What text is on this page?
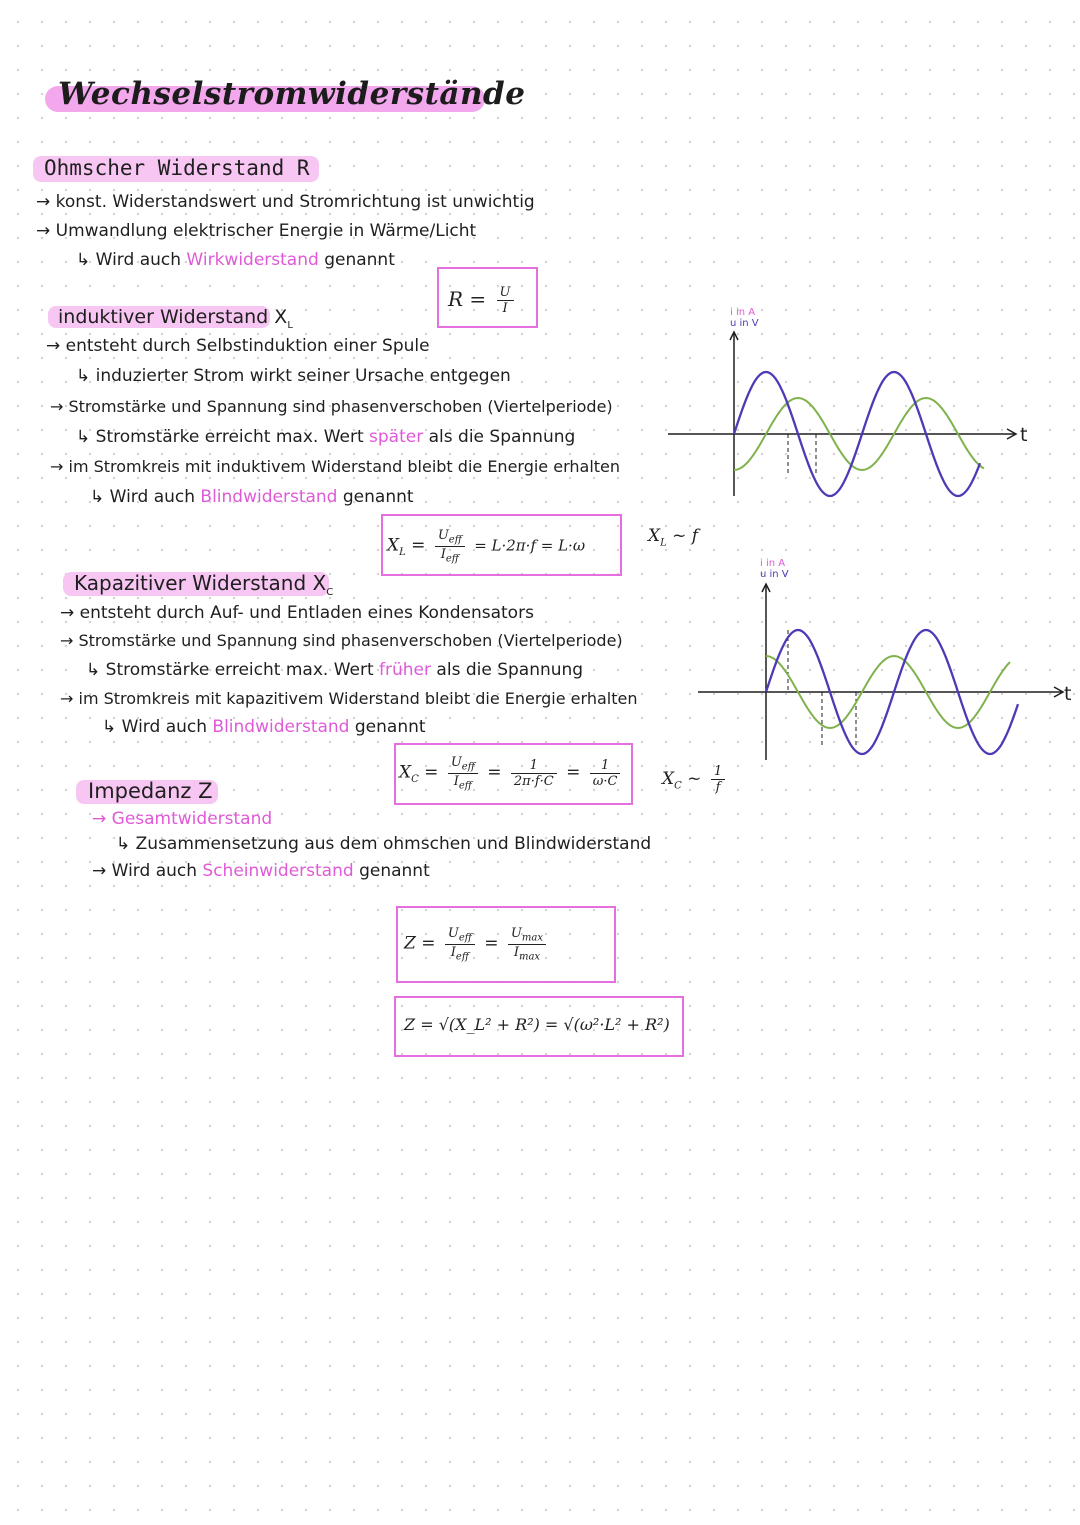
Wechselstromwiderstände
Ohmscher Widerstand R
→ konst. Widerstandswert und Stromrichtung ist unwichtig
→ Umwandlung elektrischer Energie in Wärme/Licht
↳ Wird auch Wirkwiderstand genannt
$R = \frac{U}{I}$
induktiver Widerstand $X_L$
→ entsteht durch Selbstinduktion einer Spule
↳ induzierter Strom wirkt seiner Ursache entgegen
→ Stromstärke und Spannung sind phasenverschoben (Viertelperiode)
↳ Stromstärke erreicht max. Wert später als die Spannung
→ im Stromkreis mit induktivem Widerstand bleibt die Energie erhalten
↳ Wird auch Blindwiderstand genannt
$X_L = \frac{U_{eff}}{I_{eff}} = L\cdot 2\pi\cdot f = L\cdot\omega$	$X_L$ ~ f
Kapazitiver Widerstand $X_C$
→ entsteht durch Auf- und Entladen eines Kondensators
→ Stromstärke und Spannung sind phasenverschoben (Viertelperiode)
↳ Stromstärke erreicht max. Wert früher als die Spannung
→ im Stromkreis mit kapazitivem Widerstand bleibt die Energie erhalten
↳ Wird auch Blindwiderstand genannt
$X_C = \frac{U_{eff}}{I_{eff}} = \frac{1}{2\pi\cdot f\cdot C} = \frac{1}{\omega\cdot C} X_C$ ~ $\frac{1}{f}$
Impedanz Z
→ Gesamtwiderstand
↳ Zusammensetzung aus dem ohmschen und Blindwiderstand
→ Wird auch Scheinwiderstand genannt
$Z = \frac{U_{eff}}{I_{eff}} = \frac{U_{max}}{I_{max}}$
Z = √(X_L² + R²) = √(ω²·L² + R²)
i in A
u in V
t
i in A
u in V
t
